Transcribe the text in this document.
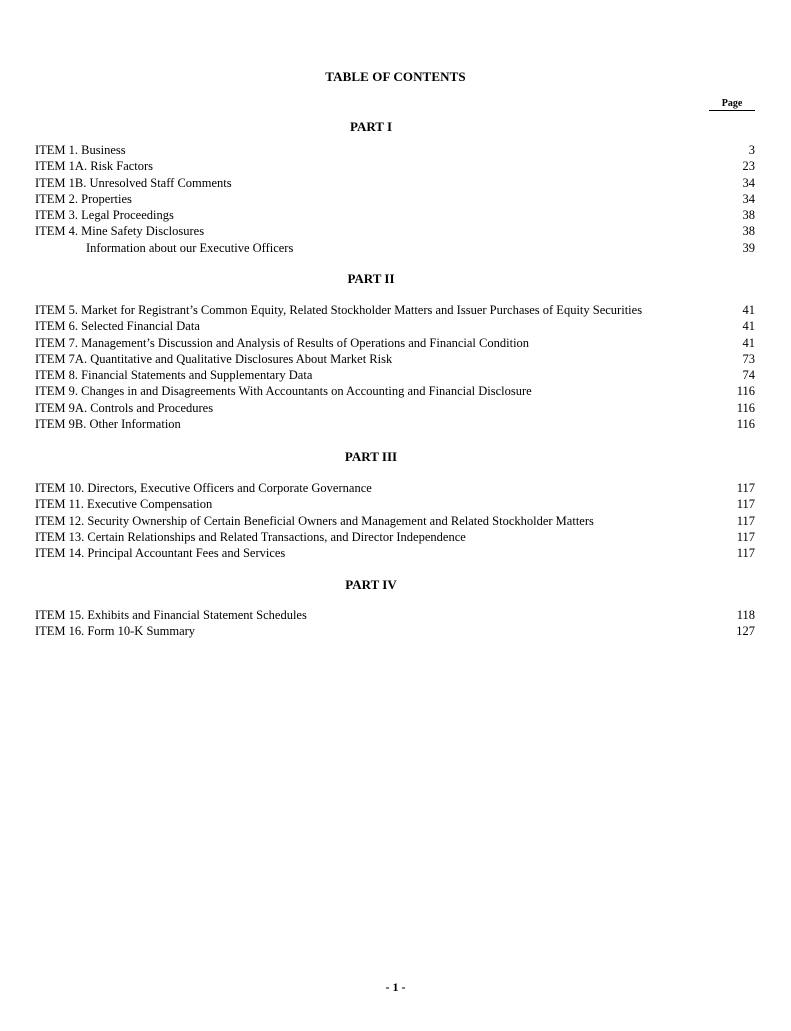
TABLE OF CONTENTS
Page
PART I
ITEM 1. Business	3
ITEM 1A. Risk Factors	23
ITEM 1B. Unresolved Staff Comments	34
ITEM 2. Properties	34
ITEM 3. Legal Proceedings	38
ITEM 4. Mine Safety Disclosures	38
Information about our Executive Officers	39
PART II
ITEM 5. Market for Registrant’s Common Equity, Related Stockholder Matters and Issuer Purchases of Equity Securities	41
ITEM 6. Selected Financial Data	41
ITEM 7. Management’s Discussion and Analysis of Results of Operations and Financial Condition	41
ITEM 7A. Quantitative and Qualitative Disclosures About Market Risk	73
ITEM 8. Financial Statements and Supplementary Data	74
ITEM 9. Changes in and Disagreements With Accountants on Accounting and Financial Disclosure	116
ITEM 9A. Controls and Procedures	116
ITEM 9B. Other Information	116
PART III
ITEM 10. Directors, Executive Officers and Corporate Governance	117
ITEM 11. Executive Compensation	117
ITEM 12. Security Ownership of Certain Beneficial Owners and Management and Related Stockholder Matters	117
ITEM 13. Certain Relationships and Related Transactions, and Director Independence	117
ITEM 14. Principal Accountant Fees and Services	117
PART IV
ITEM 15. Exhibits and Financial Statement Schedules	118
ITEM 16. Form 10-K Summary	127
- 1 -
